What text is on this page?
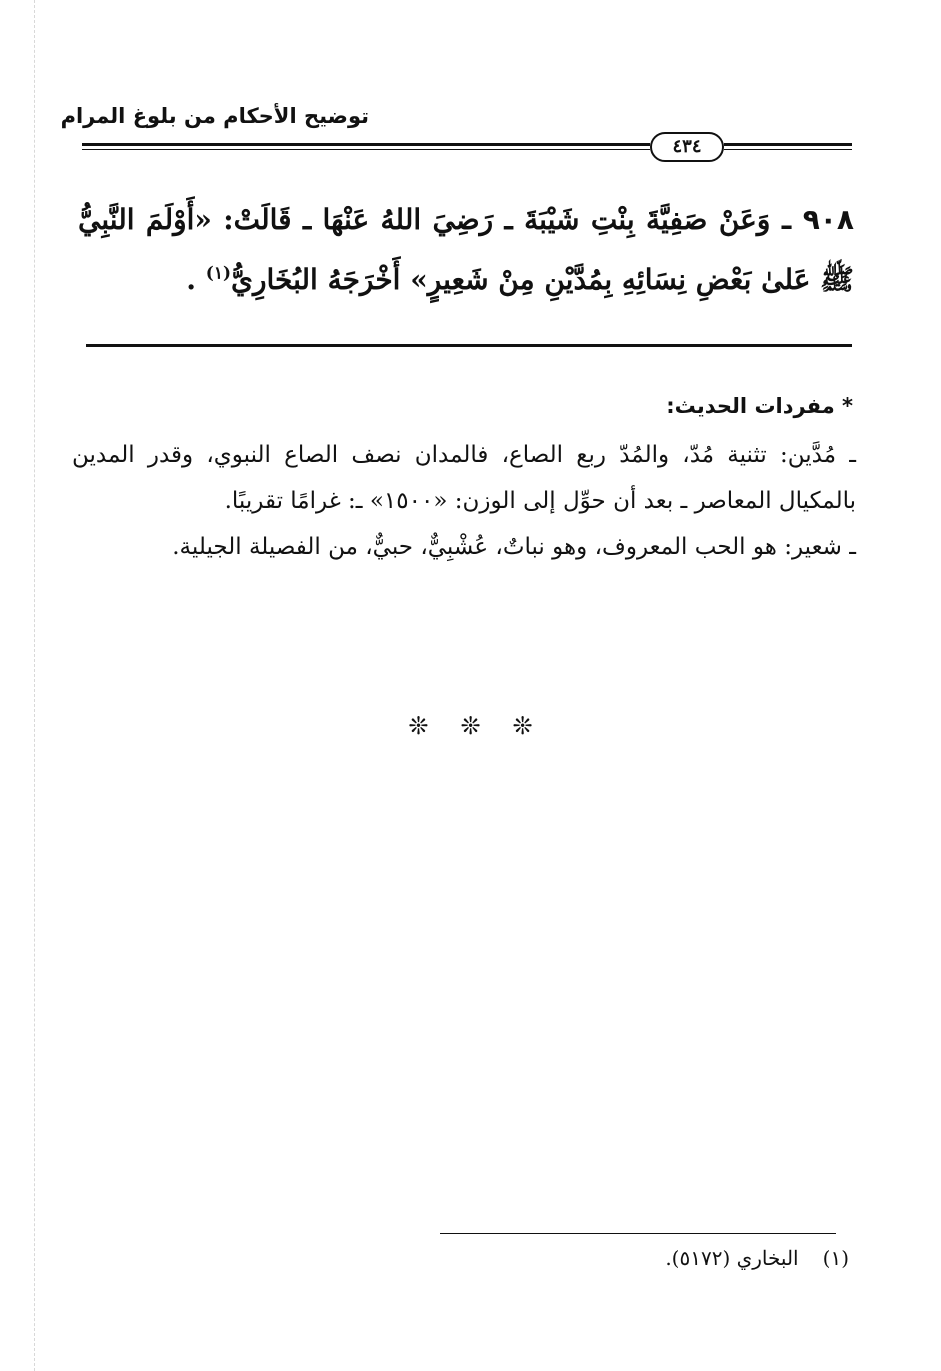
توضيح الأحكام من بلوغ المرام
٤٣٤
٩٠٨ ـ وَعَنْ صَفِيَّةَ بِنْتِ شَيْبَةَ ـ رَضِيَ اللهُ عَنْهَا ـ قَالَتْ: «أَوْلَمَ النَّبِيُّ ﷺ عَلىٰ بَعْضِ نِسَائِهِ بِمُدَّيْنِ مِنْ شَعِيرٍ» أَخْرَجَهُ البُخَارِيُّ$^{(١)}$ .
* مفردات الحديث:

ـ مُدَّين: تثنية مُدّ، والمُدّ ربع الصاع، فالمدان نصف الصاع النبوي، وقدر المدين بالمكيال المعاصر ـ بعد أن حوِّل إلى الوزن: «١٥٠٠» ـ: غرامًا تقريبًا.

ـ شعير: هو الحب المعروف، وهو نباتٌ، عُشْبِيٌّ، حبيٌّ، من الفصيلة الجيلية.

❊ ❊ ❊
(١)البخاري (٥١٧٢).
